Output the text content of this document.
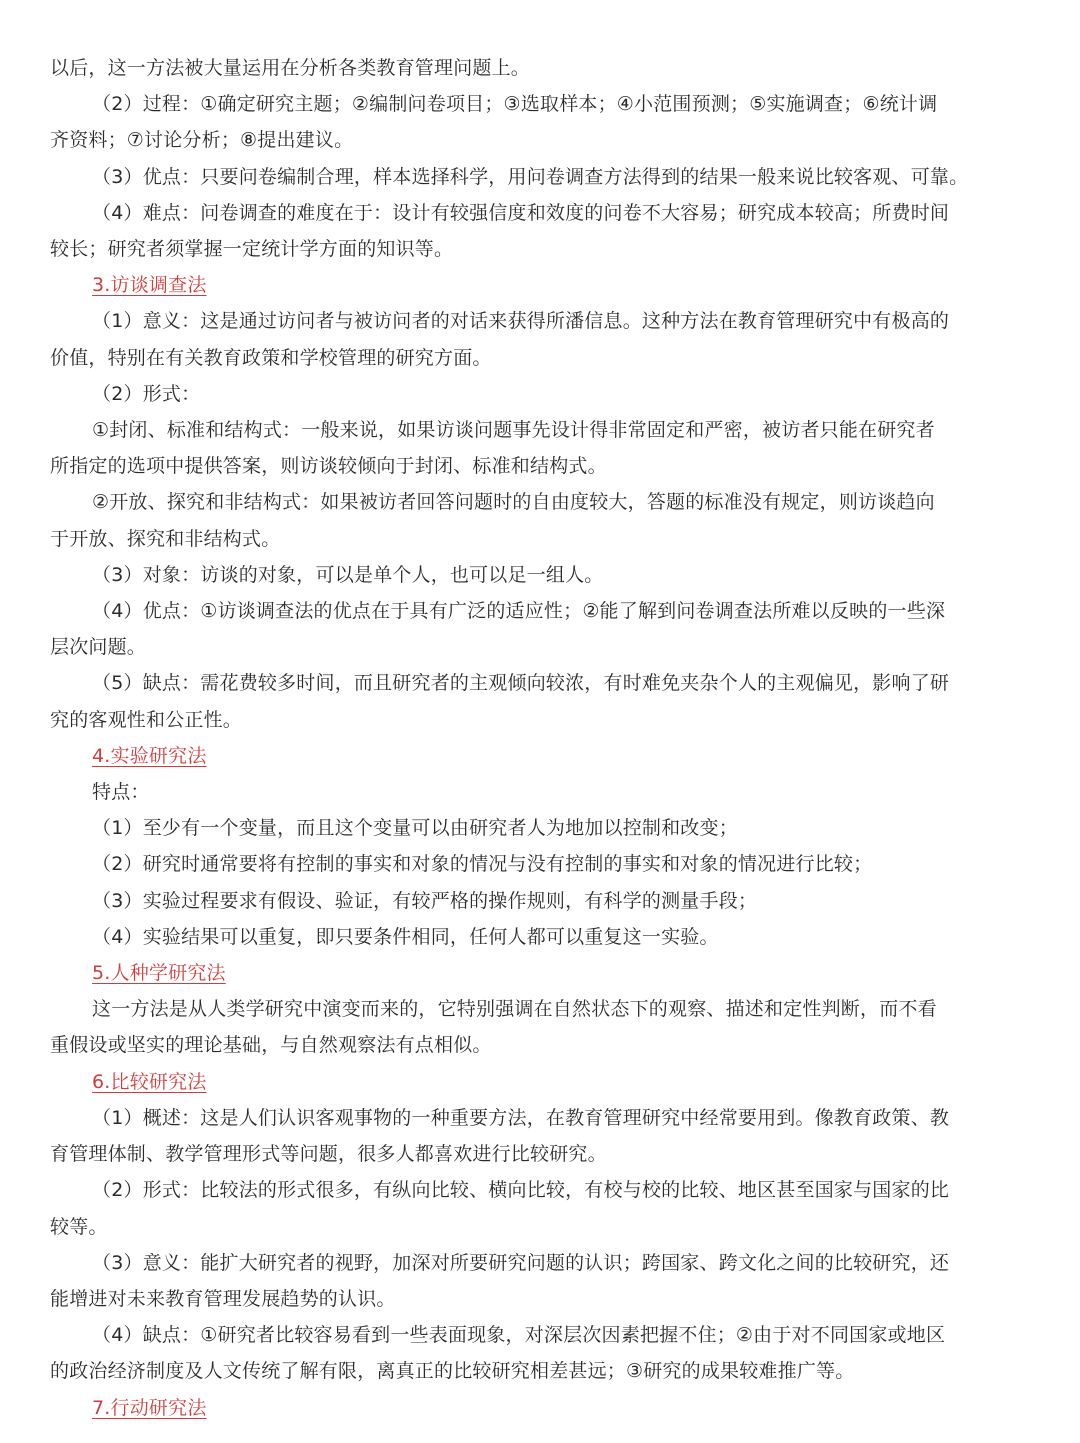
以后，这一方法被大量运用在分析各类教育管理问题上。
（2）过程：①确定研究主题；②编制问卷项目；③选取样本；④小范围预测；⑤实施调查；⑥统计调
齐资料；⑦讨论分析；⑧提出建议。
（3）优点：只要问卷编制合理，样本选择科学，用问卷调查方法得到的结果一般来说比较客观、可靠。
（4）难点：问卷调查的难度在于：设计有较强信度和效度的问卷不大容易；研究成本较高；所费时间
较长；研究者须掌握一定统计学方面的知识等。
3.访谈调查法
（1）意义：这是通过访问者与被访问者的对话来获得所潘信息。这种方法在教育管理研究中有极高的
价值，特别在有关教育政策和学校管理的研究方面。
（2）形式：
①封闭、标准和结构式：一般来说，如果访谈问题事先设计得非常固定和严密，被访者只能在研究者
所指定的选项中提供答案，则访谈较倾向于封闭、标准和结构式。
②开放、探究和非结构式：如果被访者回答问题时的自由度较大，答题的标准没有规定，则访谈趋向
于开放、探究和非结构式。
（3）对象：访谈的对象，可以是单个人，也可以足一组人。
（4）优点：①访谈调查法的优点在于具有广泛的适应性；②能了解到问卷调查法所难以反映的一些深
层次问题。
（5）缺点：需花费较多时间，而且研究者的主观倾向较浓，有时难免夹杂个人的主观偏见，影响了研
究的客观性和公正性。
4.实验研究法
特点：
（1）至少有一个变量，而且这个变量可以由研究者人为地加以控制和改变；
（2）研究时通常要将有控制的事实和对象的情况与没有控制的事实和对象的情况进行比较；
（3）实验过程要求有假设、验证，有较严格的操作规则，有科学的测量手段；
（4）实验结果可以重复，即只要条件相同，任何人都可以重复这一实验。
5.人种学研究法
这一方法是从人类学研究中演变而来的，它特别强调在自然状态下的观察、描述和定性判断，而不看
重假设或坚实的理论基础，与自然观察法有点相似。
6.比较研究法
（1）概述：这是人们认识客观事物的一种重要方法，在教育管理研究中经常要用到。像教育政策、教
育管理体制、教学管理形式等问题，很多人都喜欢进行比较研究。
（2）形式：比较法的形式很多，有纵向比较、横向比较，有校与校的比较、地区甚至国家与国家的比
较等。
（3）意义：能扩大研究者的视野，加深对所要研究问题的认识；跨国家、跨文化之间的比较研究，还
能增进对未来教育管理发展趋势的认识。
（4）缺点：①研究者比较容易看到一些表面现象，对深层次因素把握不住；②由于对不同国家或地区
的政治经济制度及人文传统了解有限，离真正的比较研究相差甚远；③研究的成果较难推广等。
7.行动研究法
